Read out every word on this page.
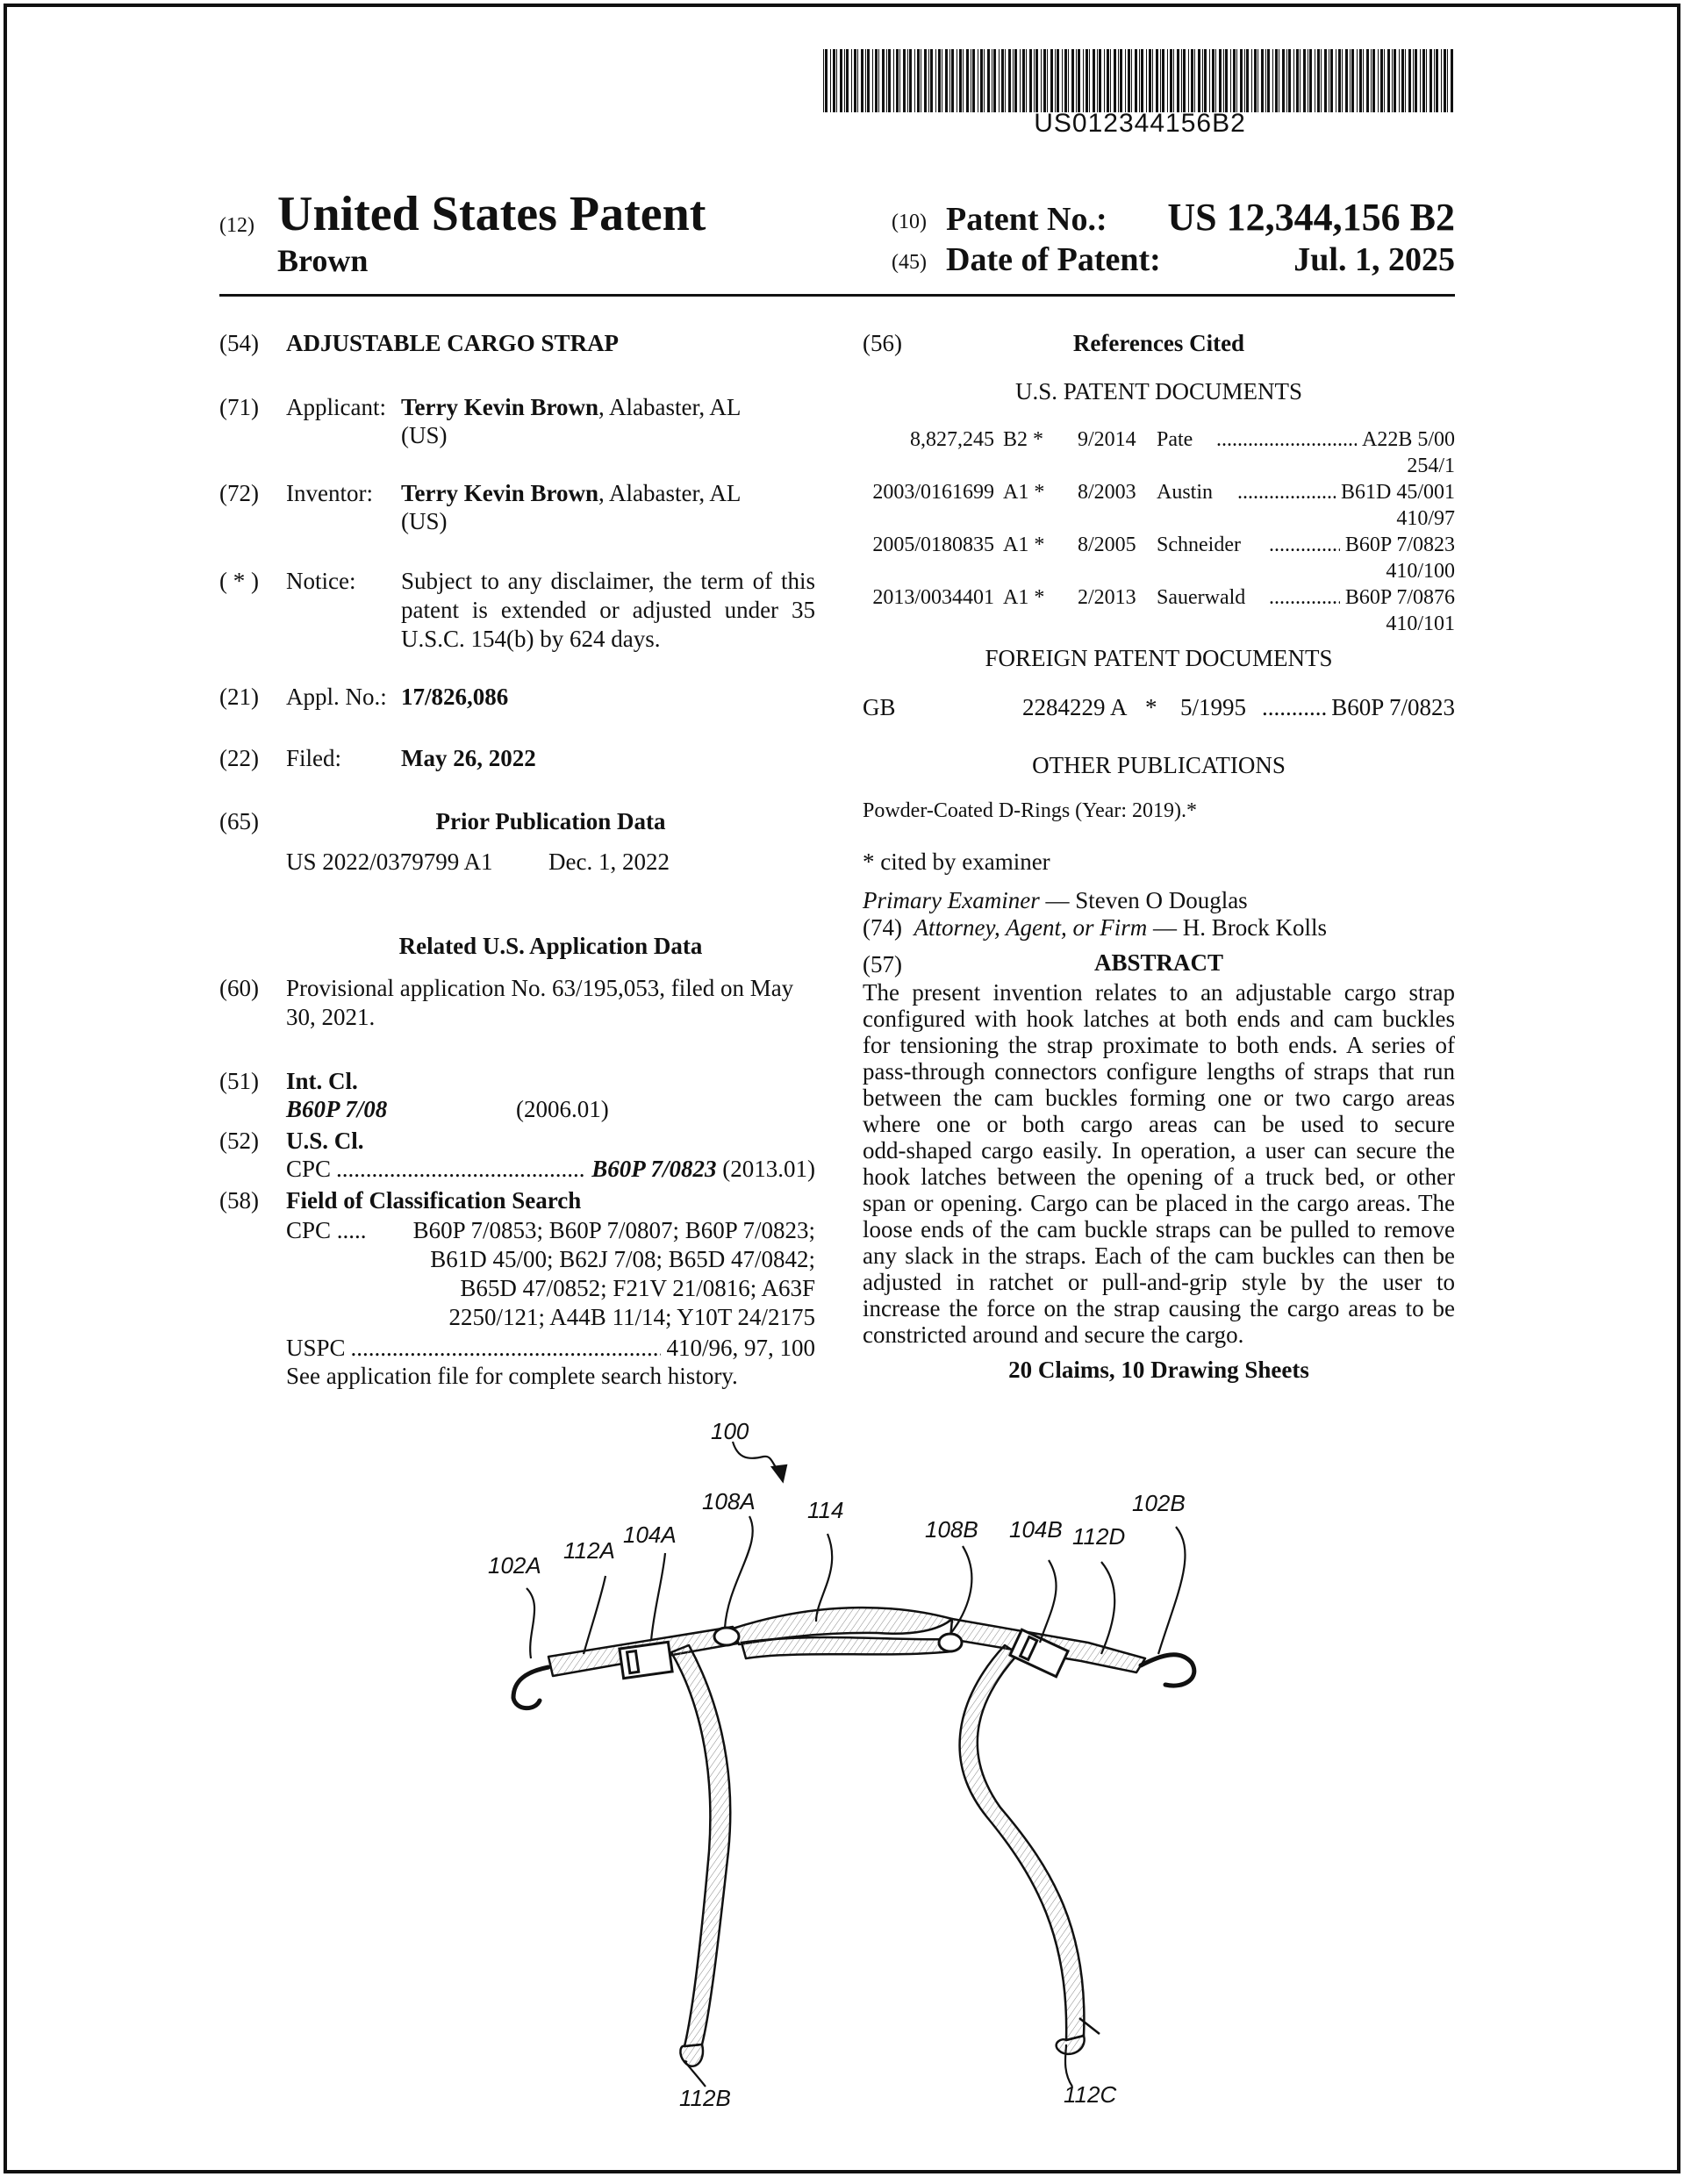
US012344156B2
(12) United States Patent
Brown
(10) Patent No.:	US 12,344,156 B2
(45) Date of Patent:	Jul. 1, 2025
(54) ADJUSTABLE CARGO STRAP
(71) Applicant: Terry Kevin Brown, Alabaster, AL
(US)
(72) Inventor: Terry Kevin Brown, Alabaster, AL
(US)
( * ) Notice: Subject to any disclaimer, the term of this
patent is extended or adjusted under 35
U.S.C. 154(b) by 624 days.
(21) Appl. No.: 17/826,086
(22) Filed:	May 26, 2022
(65)	Prior Publication Data
US 2022/0379799 A1 Dec. 1, 2022
Related U.S. Application Data
(60) Provisional application No. 63/195,053, filed on May
30, 2021.
(51) Int. Cl.
B60P 7/08	(2006.01)
(52) U.S. Cl.
CPC .....	B60P 7/0823
(2013.01)
(58) Field of Classification Search
CPC .....	B60P 7/0853; B60P 7/0807; B60P 7/0823;
B61D 45/00; B62J 7/08; B65D 47/0842;
B65D 47/0852; F21V 21/0816; A63F
2250/121; A44B 11/14; Y10T 24/2175
USPC .....	410/96, 97, 100
See application file for complete search history.
(56)	References Cited
U.S. PATENT DOCUMENTS
8,827,245 B2 * 9/2014 Pate .....	A22B 5/00
254/1
2003/0161699 A1 * 8/2003 Austin .....	B61D 45/001
410/97
2005/0180835 A1 * 8/2005 Schneider .....	B60P 7/0823
410/100
2013/0034401 A1 * 2/2013 Sauerwald .....	B60P 7/0876
410/101
FOREIGN PATENT DOCUMENTS
GB	2284229 A * 5/1995 .....	B60P 7/0823
OTHER PUBLICATIONS
Powder-Coated D-Rings (Year: 2019).*
* cited by examiner
Primary Examiner — Steven O Douglas
(74) Attorney, Agent, or Firm — H. Brock Kolls
(57)	ABSTRACT
The present invention relates to an adjustable cargo strap
configured with hook latches at both ends and cam buckles
for tensioning the strap proximate to both ends. A series of
pass-through connectors configure lengths of straps that run
between the cam buckles forming one or two cargo areas
where one or both cargo areas can be used to secure
odd-shaped cargo easily. In operation, a user can secure the
hook latches between the opening of a truck bed, or other
span or opening. Cargo can be placed in the cargo areas. The
loose ends of the cam buckle straps can be pulled to remove
any slack in the straps. Each of the cam buckles can then be
adjusted in ratchet or pull-and-grip style by the user to
increase the force on the strap causing the cargo areas to be
constricted around and secure the cargo.
20 Claims, 10 Drawing Sheets
100
102A
112A
104A
108A 114
108B 104B 112D
102B
112B	112C
